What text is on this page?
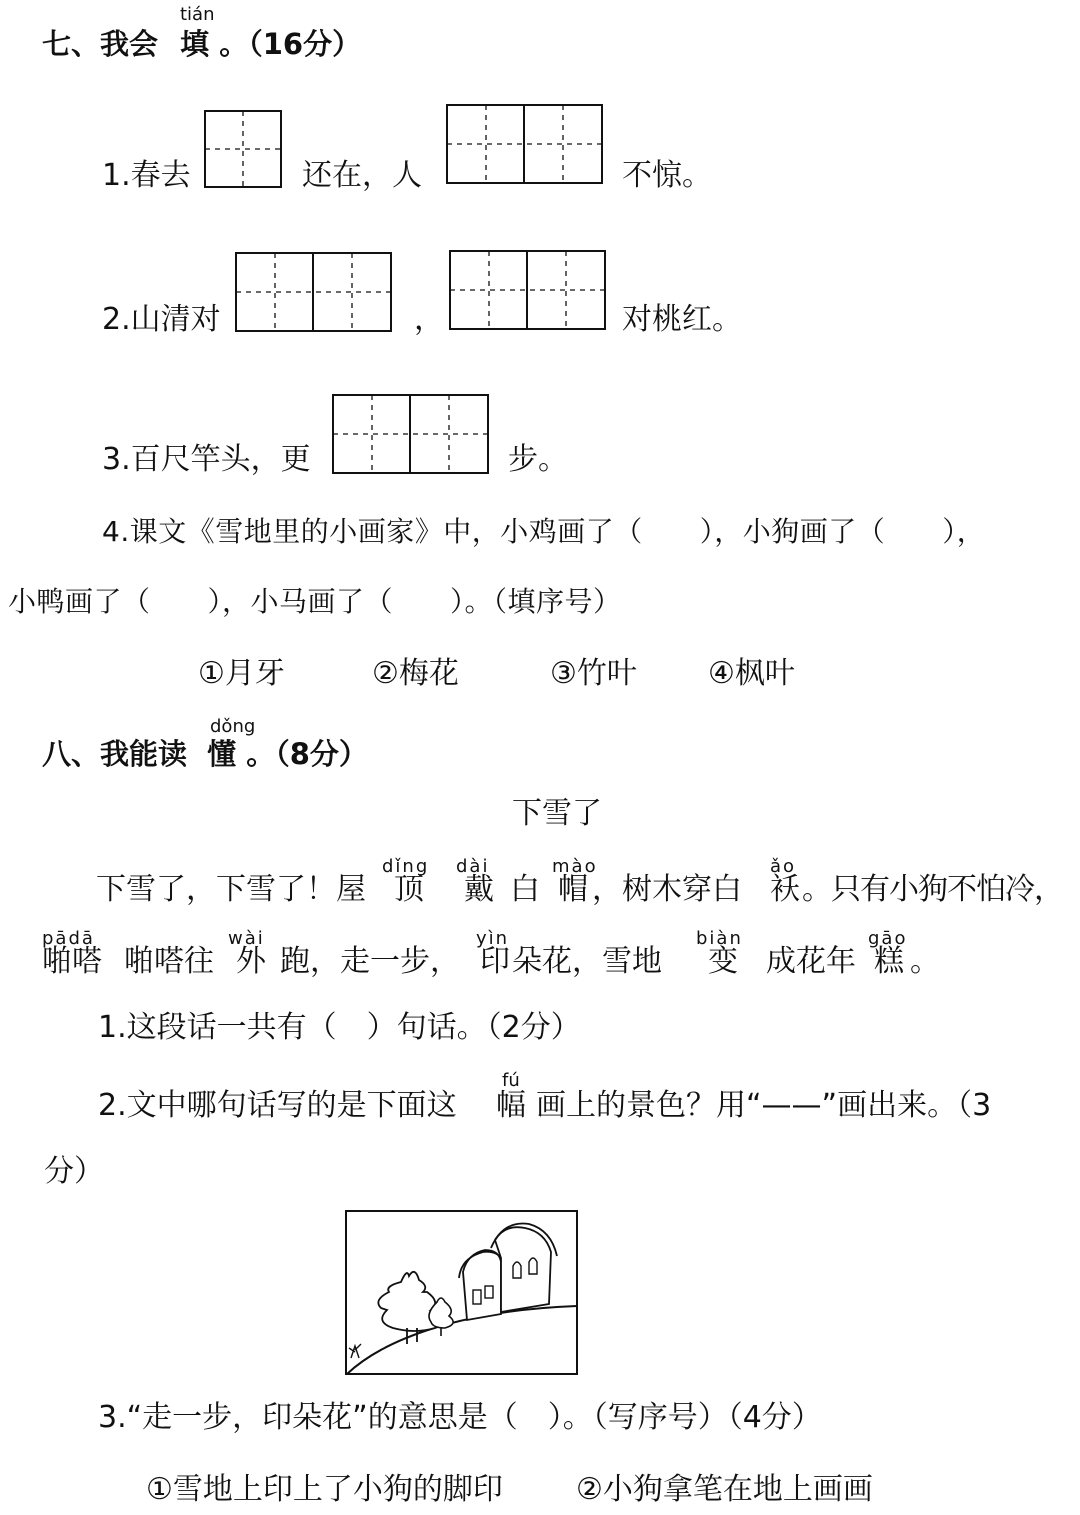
七、我会 填 。（16分）
tián
1.春去	还在，人	不惊。
2.山清对	，	对桃红。
3.百尺竿头，更	步。
4.课文《雪地里的小画家》中，小鸡画了（　　），小狗画了（　　），
小鸭画了（　　），小马画了（　　）。（填序号）
①月牙	②梅花	③竹叶 ④枫叶
八、我能读 懂 。（8分）
dǒng
下雪了
下雪了，下雪了！屋
dǐng
顶
dài
戴 白
mào
帽 ，树木穿白
ǎo
袄 。只有小狗不怕冷，
pādā
啪嗒 啪嗒往
wài
外 跑，走一步，
yìn
印 朵花，雪地
biàn
变 成花年
gāo
糕 。
1.这段话一共有（　）句话。（2分）
2.文中哪句话写的是下面这
fú
幅 画上的景色？用“——”画出来。（3
分）
3.“走一步，印朵花”的意思是（　）。（写序号）（4分）
①雪地上印上了小狗的脚印 ②小狗拿笔在地上画画
